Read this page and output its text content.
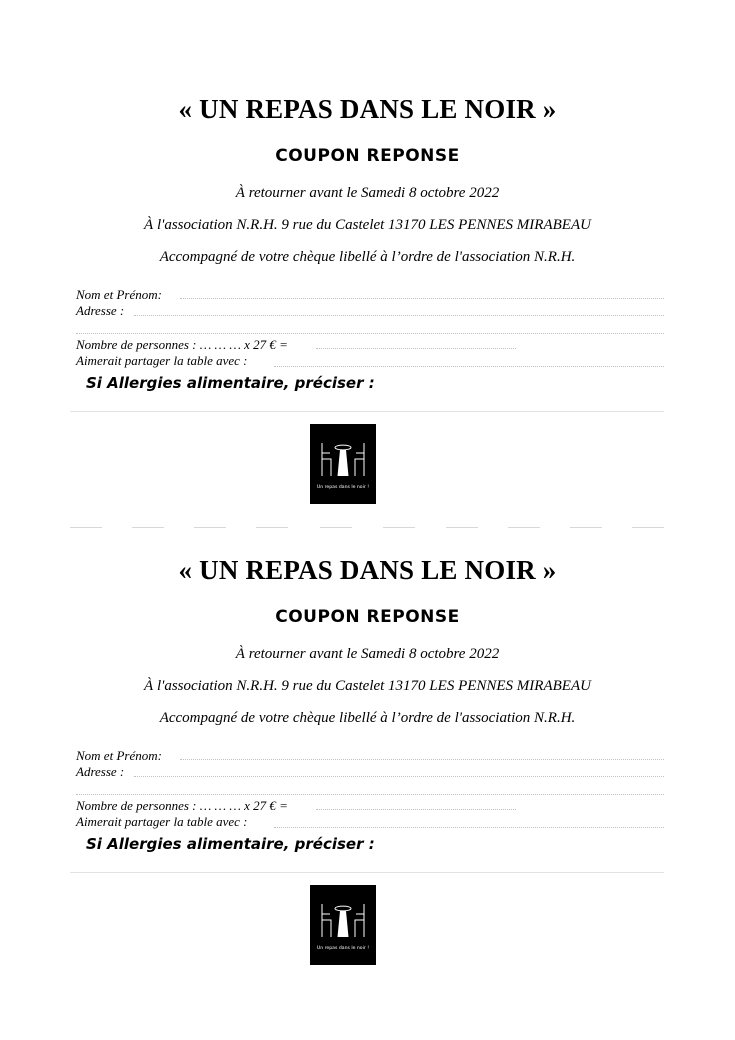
« UN REPAS DANS LE NOIR »
COUPON REPONSE
À retourner avant le Samedi 8 octobre 2022
À l'association N.R.H. 9 rue du Castelet 13170 LES PENNES MIRABEAU
Accompagné de votre chèque libellé à l’ordre de l'association N.R.H.
Nom et Prénom:
Adresse :
Nombre de personnes : … … … x 27 € =
Aimerait partager la table avec :
Si Allergies alimentaire, préciser :
Un repas dans le noir !
« UN REPAS DANS LE NOIR »
COUPON REPONSE
À retourner avant le Samedi 8 octobre 2022
À l'association N.R.H. 9 rue du Castelet 13170 LES PENNES MIRABEAU
Accompagné de votre chèque libellé à l’ordre de l'association N.R.H.
Nom et Prénom:
Adresse :
Nombre de personnes : … … … x 27 € =
Aimerait partager la table avec :
Si Allergies alimentaire, préciser :
Un repas dans le noir !
